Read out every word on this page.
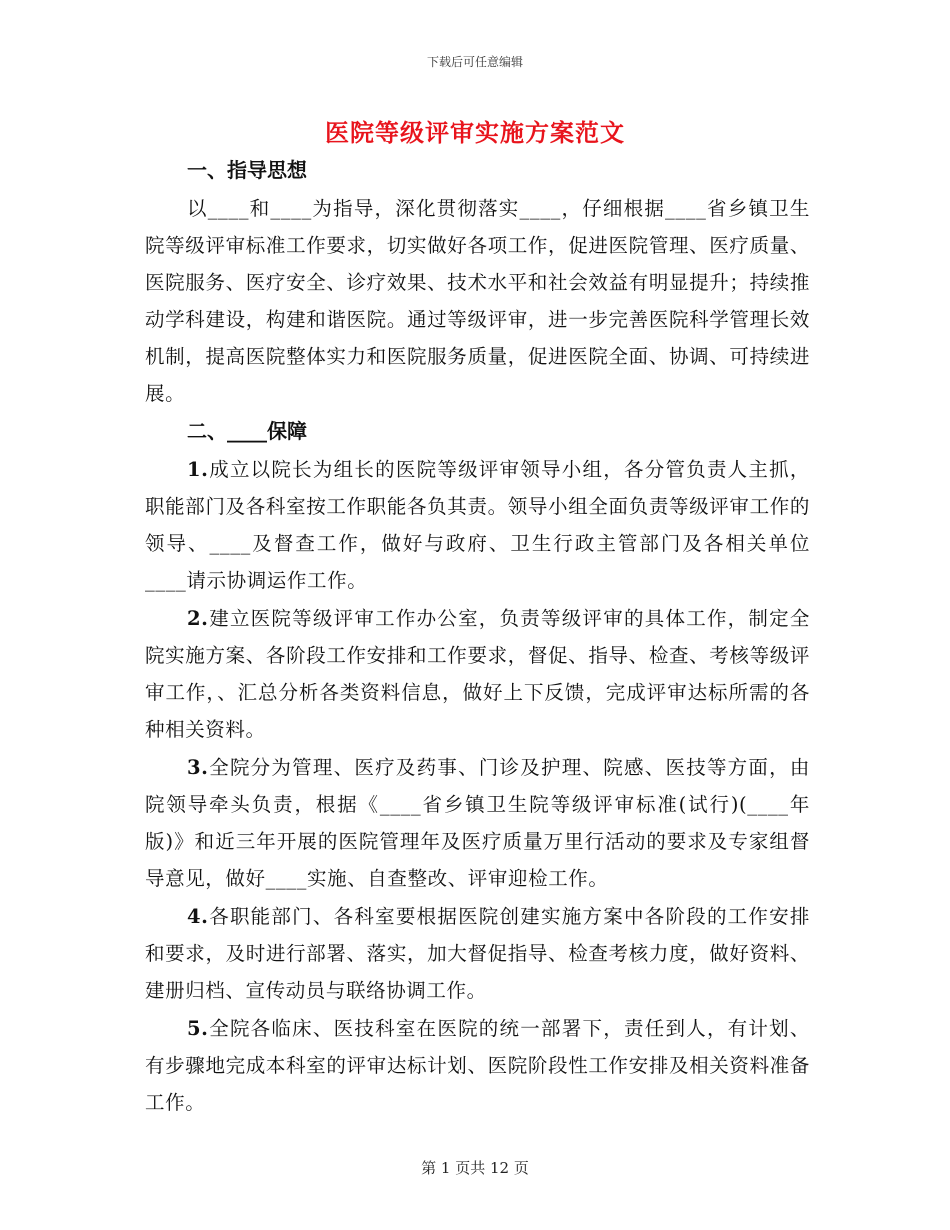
下载后可任意编辑
医院等级评审实施方案范文
一、指导思想

以____和____为指导，深化贯彻落实____，仔细根据____省乡镇卫生院等级评审标准工作要求，切实做好各项工作，促进医院管理、医疗质量、医院服务、医疗安全、诊疗效果、技术水平和社会效益有明显提升；持续推动学科建设，构建和谐医院。通过等级评审，进一步完善医院科学管理长效机制，提高医院整体实力和医院服务质量，促进医院全面、协调、可持续进展。

二、____保障

1.成立以院长为组长的医院等级评审领导小组，各分管负责人主抓，职能部门及各科室按工作职能各负其责。领导小组全面负责等级评审工作的领导、____及督查工作，做好与政府、卫生行政主管部门及各相关单位____请示协调运作工作。

2.建立医院等级评审工作办公室，负责等级评审的具体工作，制定全院实施方案、各阶段工作安排和工作要求，督促、指导、检查、考核等级评审工作，、汇总分析各类资料信息，做好上下反馈，完成评审达标所需的各种相关资料。

3.全院分为管理、医疗及药事、门诊及护理、院感、医技等方面，由院领导牵头负责，根据《____省乡镇卫生院等级评审标准(试行)(____年版)》和近三年开展的医院管理年及医疗质量万里行活动的要求及专家组督导意见，做好____实施、自查整改、评审迎检工作。

4.各职能部门、各科室要根据医院创建实施方案中各阶段的工作安排和要求，及时进行部署、落实，加大督促指导、检查考核力度，做好资料、建册归档、宣传动员与联络协调工作。

5.全院各临床、医技科室在医院的统一部署下，责任到人，有计划、有步骤地完成本科室的评审达标计划、医院阶段性工作安排及相关资料准备工作。

第 1 页共 12 页
